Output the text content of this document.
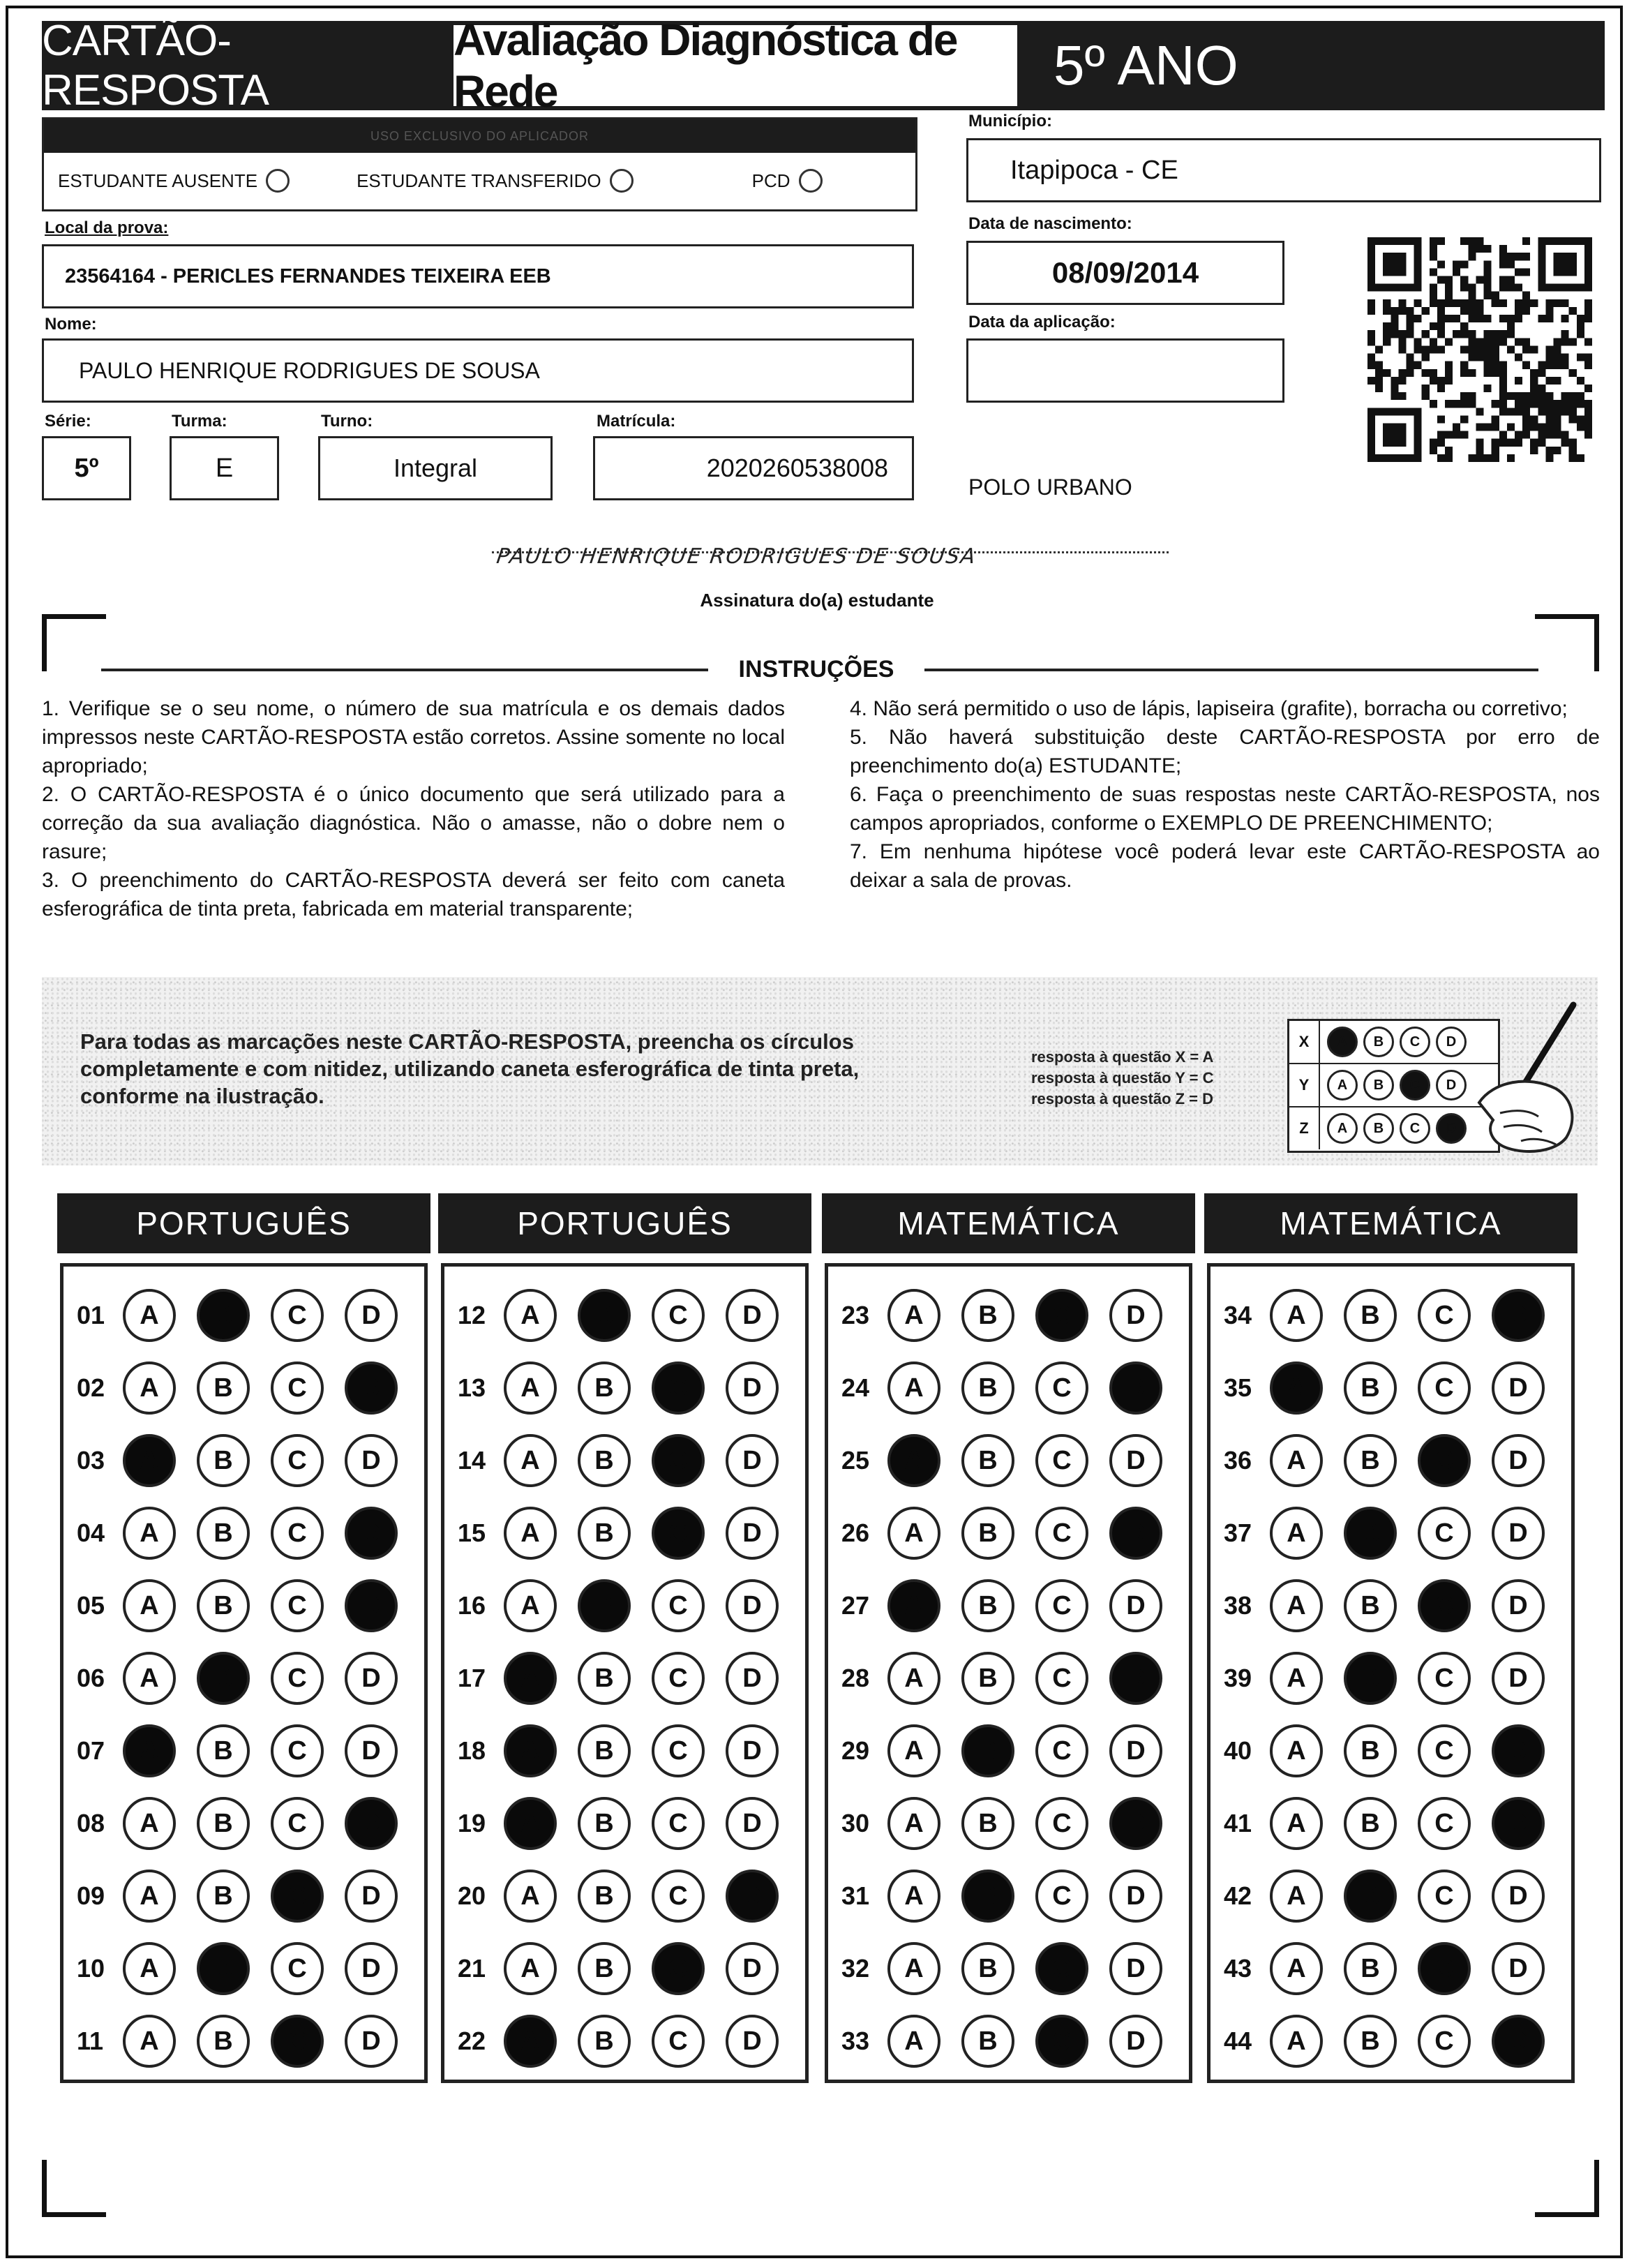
CARTÃO-RESPOSTA
Avaliação Diagnóstica de Rede	5º ANO
USO EXCLUSIVO DO APLICADOR
ESTUDANTE AUSENTE	ESTUDANTE TRANSFERIDO	PCD
Município:
Itapipoca - CE
Local da prova:
23564164 - PERICLES FERNANDES TEIXEIRA EEB
Data de nascimento:
08/09/2014
Nome:
PAULO HENRIQUE RODRIGUES DE SOUSA
Data da aplicação:
Série:
5º
Turma:
E
Turno:
Integral
Matrícula:
2020260538008
POLO URBANO
PAULO HENRIQUE RODRIGUES DE SOUSA
Assinatura do(a) estudante
INSTRUÇÕES

1. Verifique se o seu nome, o número de sua matrícula e os demais dados impressos neste CARTÃO-RESPOSTA estão corretos. Assine somente no local apropriado;

2. O CARTÃO-RESPOSTA é o único documento que será utilizado para a correção da sua avaliação diagnóstica. Não o amasse, não o dobre nem o rasure;

3. O preenchimento do CARTÃO-RESPOSTA deverá ser feito com caneta esferográfica de tinta preta, fabricada em material transparente;

4. Não será permitido o uso de lápis, lapiseira (grafite), borracha ou corretivo;

5. Não haverá substituição deste CARTÃO-RESPOSTA por erro de preenchimento do(a) ESTUDANTE;

6. Faça o preenchimento de suas respostas neste CARTÃO-RESPOSTA, nos campos apropriados, conforme o EXEMPLO DE PREENCHIMENTO;

7. Em nenhuma hipótese você poderá levar este CARTÃO-RESPOSTA ao deixar a sala de provas.

Para todas as marcações neste CARTÃO-RESPOSTA, preencha os círculos completamente e com nitidez, utilizando caneta esferográfica de tinta preta, conforme na ilustração.
resposta à questão X = A
resposta à questão Y = C
resposta à questão Z = D
X	A	B	C	D
Y	A	B	C	D
Z	A	B	C	D
PORTUGUÊS
01	A	B	C	D
02	A	B	C	D
03	A	B	C	D
04	A	B	C	D
05	A	B	C	D
06	A	B	C	D
07	A	B	C	D
08	A	B	C	D
09	A	B	C	D
10	A	B	C	D
11	A	B	C	D
PORTUGUÊS
12	A	B	C	D
13	A	B	C	D
14	A	B	C	D
15	A	B	C	D
16	A	B	C	D
17	A	B	C	D
18	A	B	C	D
19	A	B	C	D
20	A	B	C	D
21	A	B	C	D
22	A	B	C	D
MATEMÁTICA
23	A	B	C	D
24	A	B	C	D
25	A	B	C	D
26	A	B	C	D
27	A	B	C	D
28	A	B	C	D
29	A	B	C	D
30	A	B	C	D
31	A	B	C	D
32	A	B	C	D
33	A	B	C	D
MATEMÁTICA
34	A	B	C	D
35	A	B	C	D
36	A	B	C	D
37	A	B	C	D
38	A	B	C	D
39	A	B	C	D
40	A	B	C	D
41	A	B	C	D
42	A	B	C	D
43	A	B	C	D
44	A	B	C	D
